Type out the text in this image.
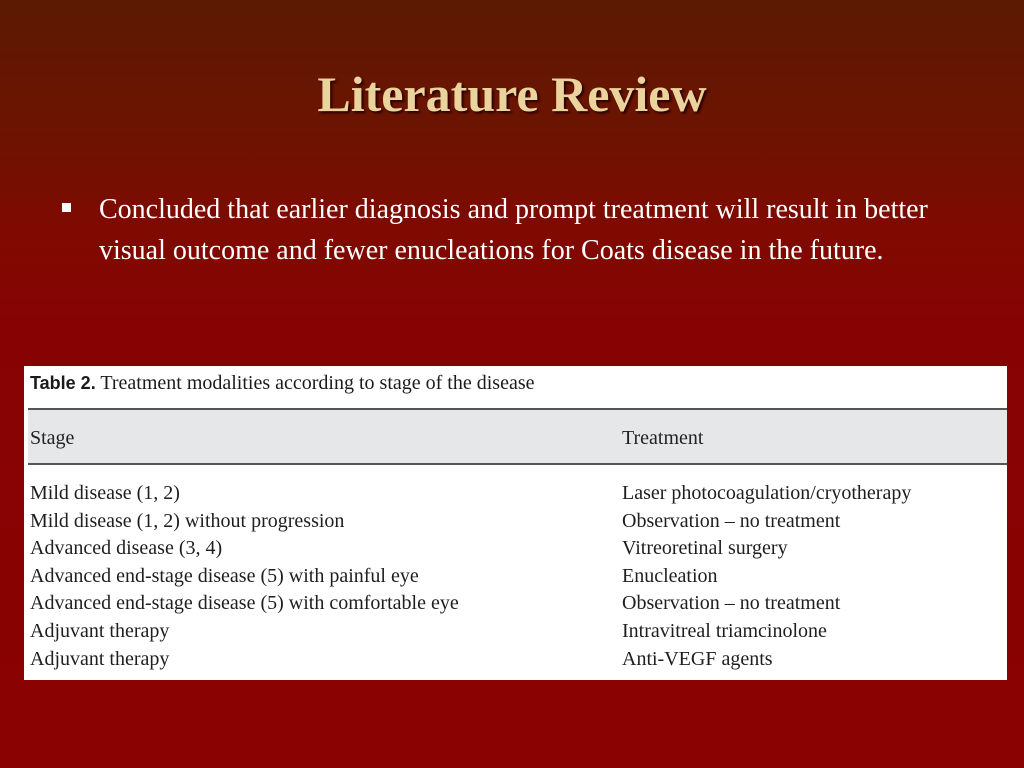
Literature Review
Concluded that earlier diagnosis and prompt treatment will result in better visual outcome and fewer enucleations for Coats disease in the future.
Table 2. Treatment modalities according to stage of the disease
Stage	Treatment
Mild disease (1, 2)	Laser photocoagulation/cryotherapy
Mild disease (1, 2) without progression	Observation – no treatment
Advanced disease (3, 4)	Vitreoretinal surgery
Advanced end-stage disease (5) with painful eye	Enucleation
Advanced end-stage disease (5) with comfortable eye	Observation – no treatment
Adjuvant therapy	Intravitreal triamcinolone
Adjuvant therapy	Anti-VEGF agents
